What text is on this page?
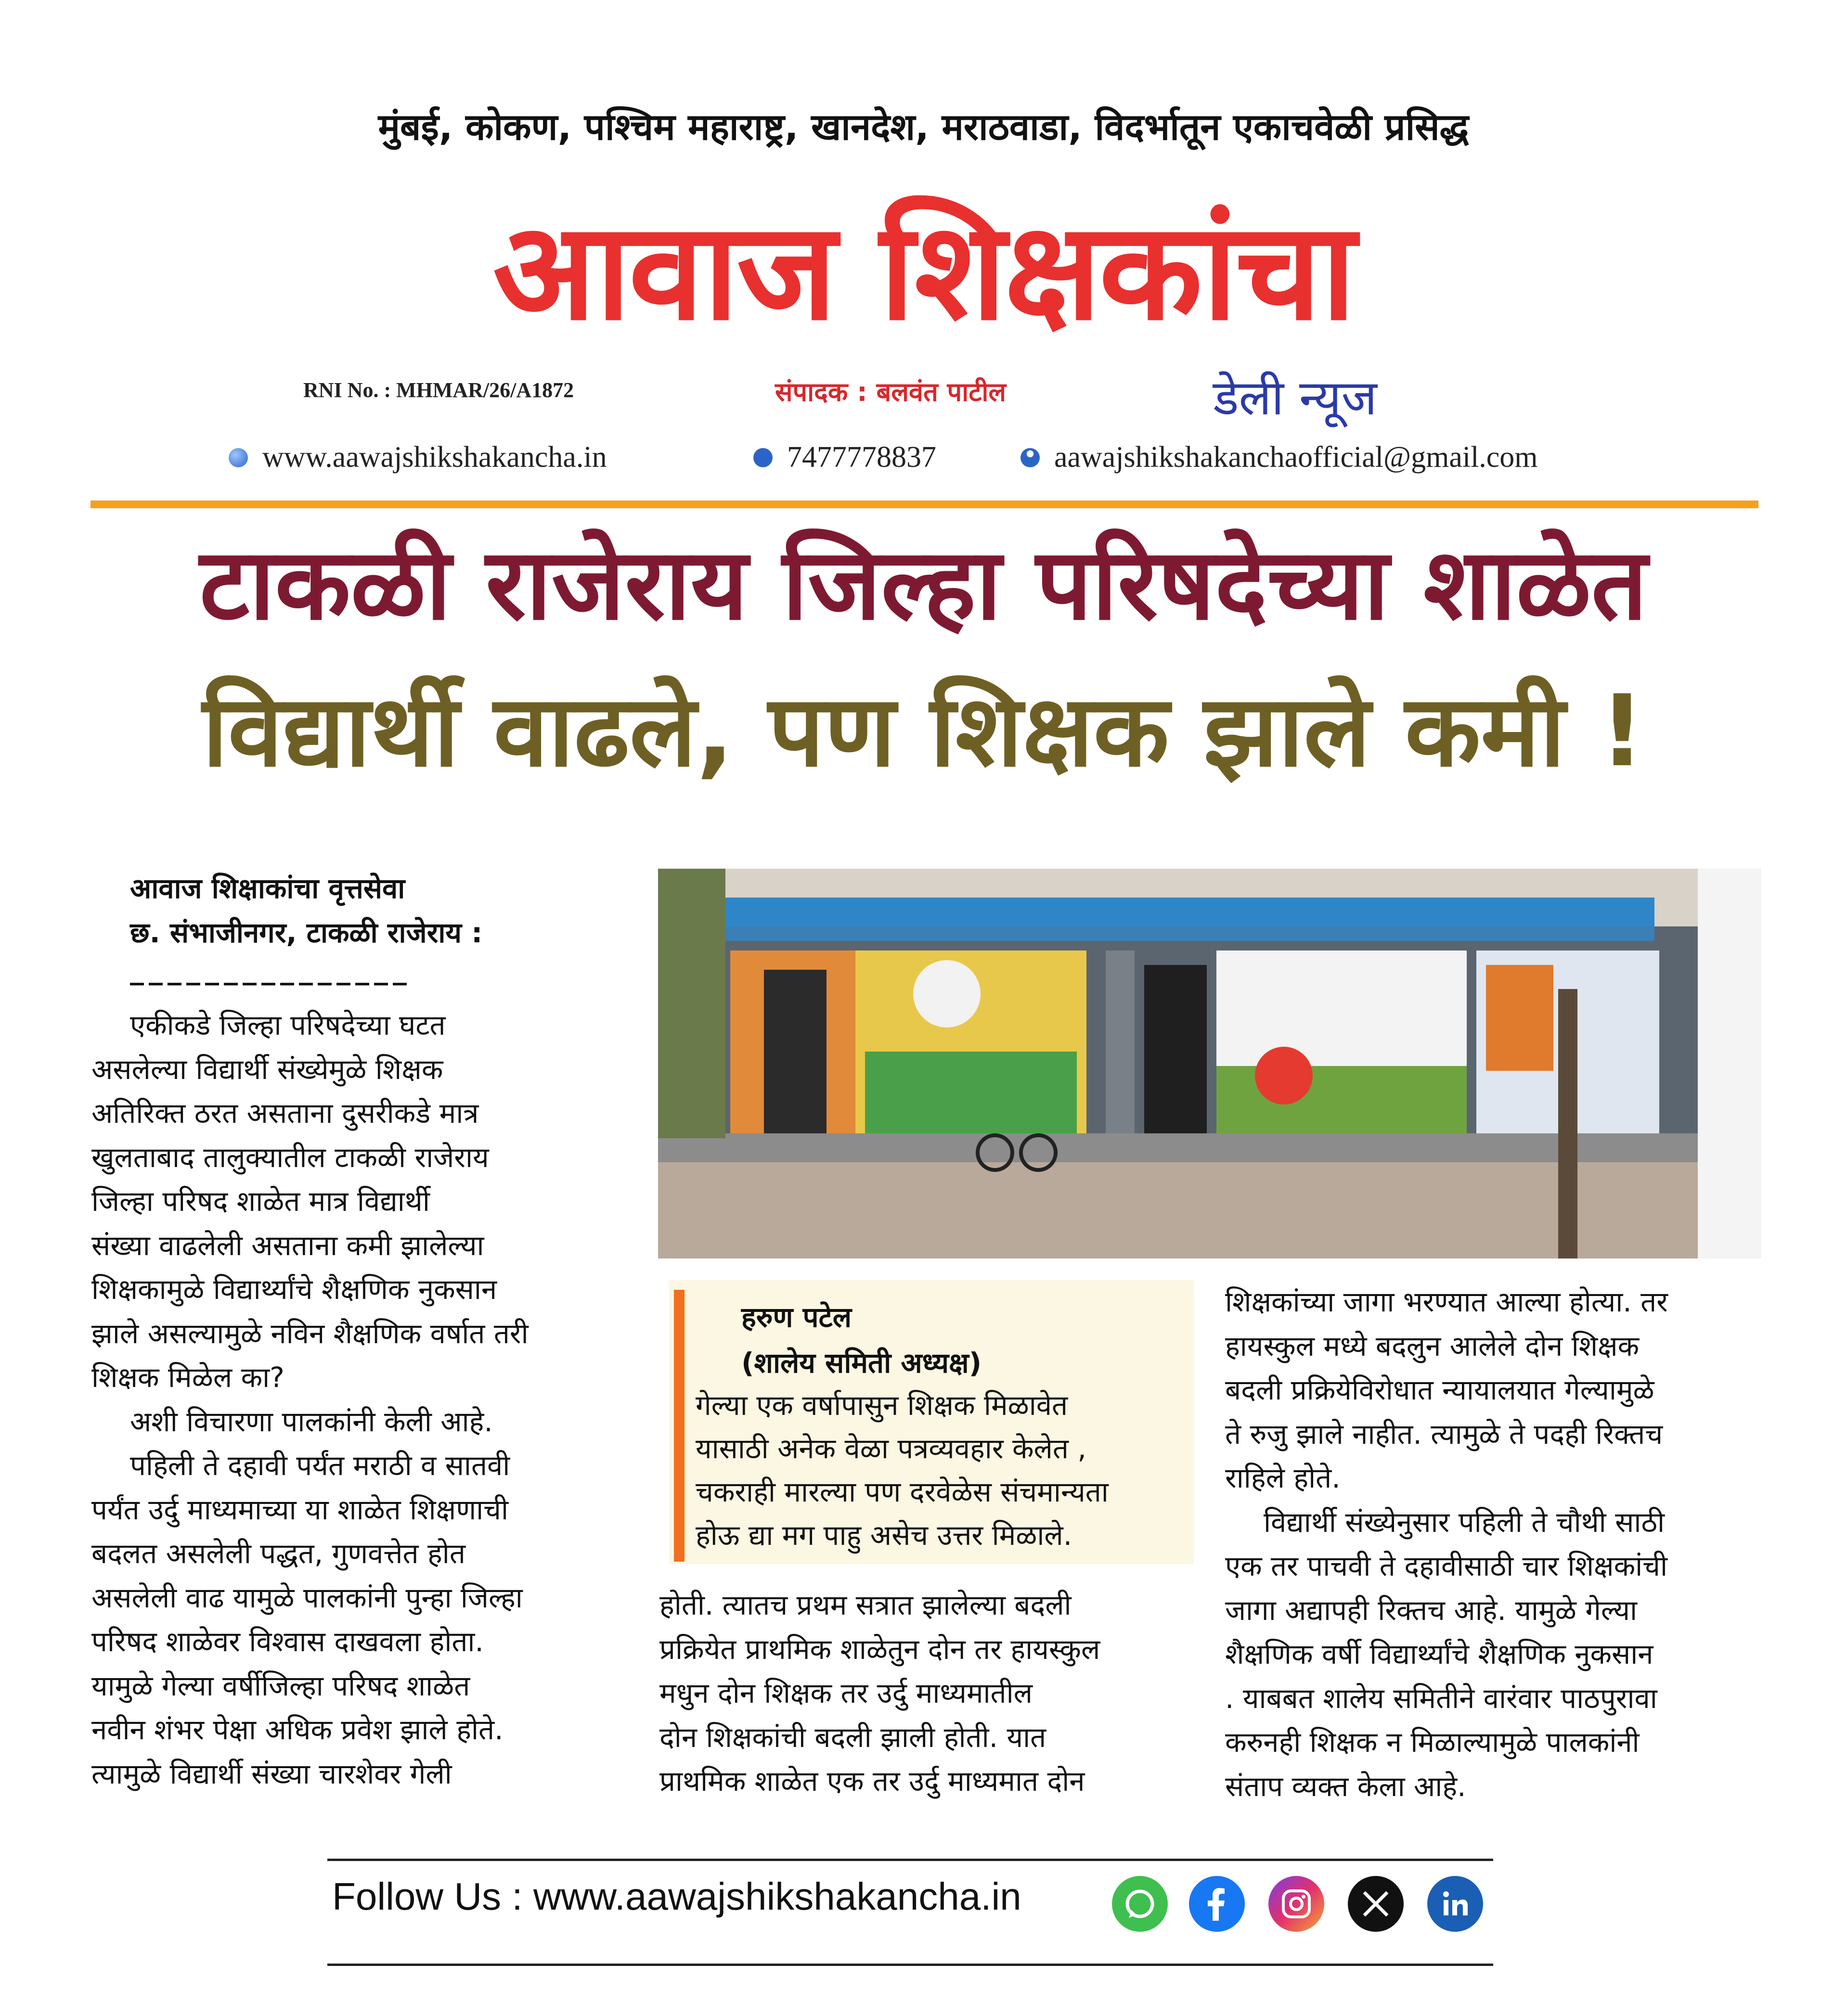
मुंबई, कोकण, पश्चिम महाराष्ट्र, खानदेश, मराठवाडा, विदर्भातून एकाचवेळी प्रसिद्ध
आवाज शिक्षकांचा
RNI No. : MHMAR/26/A1872	संपादक : बलवंत पाटील	डेली न्यूज
www.aawajshikshakancha.in	7477778837	aawajshikshakanchaofficial@gmail.com
टाकळी राजेराय जिल्हा परिषदेच्या शाळेत
विद्यार्थी वाढले, पण शिक्षक झाले कमी !
आवाज शिक्षाकांचा वृत्तसेवा
छ. संभाजीनगर, टाकळी राजेराय :
_______________

एकीकडे जिल्हा परिषदेच्या घटत

असलेल्या विद्यार्थी संख्येमुळे शिक्षक

अतिरिक्त ठरत असताना दुसरीकडे मात्र

खुलताबाद तालुक्यातील टाकळी राजेराय

जिल्हा परिषद शाळेत मात्र विद्यार्थी

संख्या वाढलेली असताना कमी झालेल्या

शिक्षकामुळे विद्यार्थ्यांचे शैक्षणिक नुकसान

झाले असल्यामुळे नविन शैक्षणिक वर्षात तरी

शिक्षक मिळेल का?

अशी विचारणा पालकांनी केली आहे.

पहिली ते दहावी पर्यंत मराठी व सातवी

पर्यंत उर्दु माध्यमाच्या या शाळेत शिक्षणाची

बदलत असलेली पद्धत, गुणवत्तेत होत

असलेली वाढ यामुळे पालकांनी पुन्हा जिल्हा

परिषद शाळेवर विश्वास दाखवला होता.

यामुळे गेल्या वर्षीजिल्हा परिषद शाळेत

नवीन शंभर पेक्षा अधिक प्रवेश झाले होते.

त्यामुळे विद्यार्थी संख्या चारशेवर गेली

हरुण पटेल
(शालेय समिती अध्यक्ष)
गेल्या एक वर्षापासुन शिक्षक मिळावेत
यासाठी अनेक वेळा पत्रव्यवहार केलेत ,
चकराही मारल्या पण दरवेळेस संचमान्यता
होऊ द्या मग पाहु असेच उत्तर मिळाले.

होती. त्यातच प्रथम सत्रात झालेल्या बदली

प्रक्रियेत प्राथमिक शाळेतुन दोन तर हायस्कुल

मधुन दोन शिक्षक तर उर्दु माध्यमातील

दोन शिक्षकांची बदली झाली होती. यात

प्राथमिक शाळेत एक तर उर्दु माध्यमात दोन

शिक्षकांच्या जागा भरण्यात आल्या होत्या. तर

हायस्कुल मध्ये बदलुन आलेले दोन शिक्षक

बदली प्रक्रियेविरोधात न्यायालयात गेल्यामुळे

ते रुजु झाले नाहीत. त्यामुळे ते पदही रिक्तच

राहिले होते.

विद्यार्थी संख्येनुसार पहिली ते चौथी साठी

एक तर पाचवी ते दहावीसाठी चार शिक्षकांची

जागा अद्यापही रिक्तच आहे. यामुळे गेल्या

शैक्षणिक वर्षी विद्यार्थ्यांचे शैक्षणिक नुकसान

. याबबत शालेय समितीने वारंवार पाठपुरावा

करुनही शिक्षक न मिळाल्यामुळे पालकांनी

संताप व्यक्त केला आहे.

Follow Us : www.aawajshikshakancha.in
